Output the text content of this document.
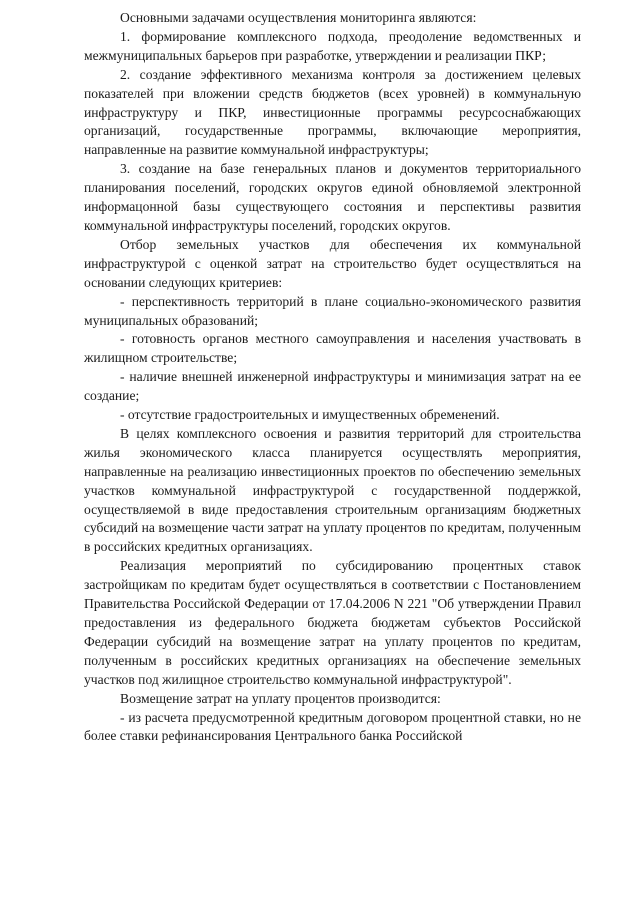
Основными задачами осуществления мониторинга являются:

1. формирование комплексного подхода, преодоление ведомственных и межмуниципальных барьеров при разработке, утверждении и реализации ПКР;

2. создание эффективного механизма контроля за достижением целевых показателей при вложении средств бюджетов (всех уровней) в коммунальную инфраструктуру и ПКР, инвестиционные программы ресурсоснабжающих организаций, государственные программы, включающие мероприятия, направленные на развитие коммунальной инфраструктуры;

3. создание на базе генеральных планов и документов территориального планирования поселений, городских округов единой обновляемой электронной информацонной базы существующего состояния и перспективы развития коммунальной инфраструктуры поселений, городских округов.

Отбор земельных участков для обеспечения их коммунальной инфраструктурой с оценкой затрат на строительство будет осуществляться на основании следующих критериев:

- перспективность территорий в плане социально-экономического развития муниципальных образований;

- готовность органов местного самоуправления и населения участвовать в жилищном строительстве;

- наличие внешней инженерной инфраструктуры и минимизация затрат на ее создание;

- отсутствие градостроительных и имущественных обременений.

В целях комплексного освоения и развития территорий для строительства жилья экономического класса планируется осуществлять мероприятия, направленные на реализацию инвестиционных проектов по обеспечению земельных участков коммунальной инфраструктурой с государственной поддержкой, осуществляемой в виде предоставления строительным организациям бюджетных субсидий на возмещение части затрат на уплату процентов по кредитам, полученным в российских кредитных организациях.

Реализация мероприятий по субсидированию процентных ставок застройщикам по кредитам будет осуществляться в соответствии с Постановлением Правительства Российской Федерации от 17.04.2006 N 221 "Об утверждении Правил предоставления из федерального бюджета бюджетам субъектов Российской Федерации субсидий на возмещение затрат на уплату процентов по кредитам, полученным в российских кредитных организациях на обеспечение земельных участков под жилищное строительство коммунальной инфраструктурой".

Возмещение затрат на уплату процентов производится:

- из расчета предусмотренной кредитным договором процентной ставки, но не более ставки рефинансирования Центрального банка Российской
